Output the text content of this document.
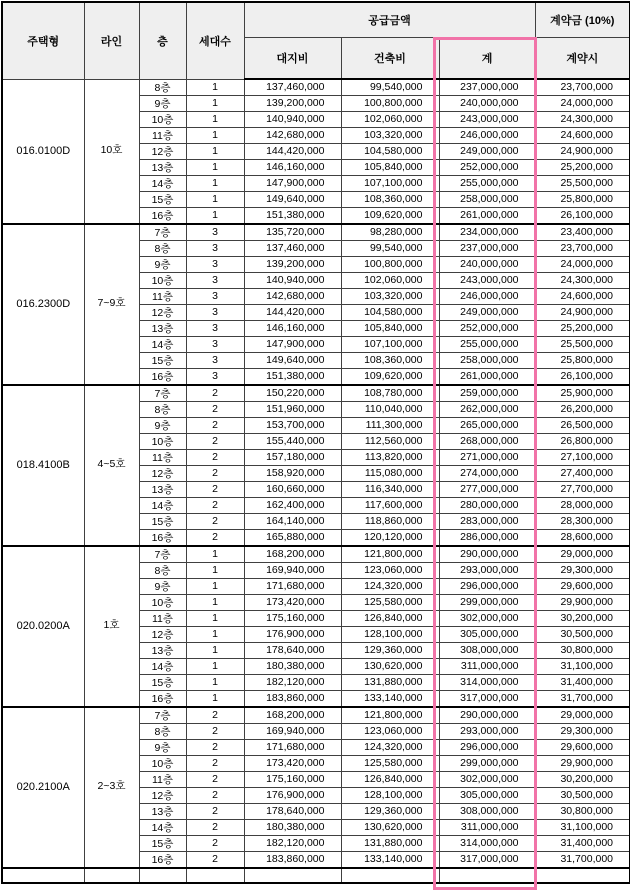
주택형	라인	층	세대수	공급금액			계약금 (10%)
				대지비	건축비	계	계약시
016.0100D	10호	8층	1	137,460,000	99,540,000	237,000,000	23,700,000
		9층	1	139,200,000	100,800,000	240,000,000	24,000,000
		10층	1	140,940,000	102,060,000	243,000,000	24,300,000
		11층	1	142,680,000	103,320,000	246,000,000	24,600,000
		12층	1	144,420,000	104,580,000	249,000,000	24,900,000
		13층	1	146,160,000	105,840,000	252,000,000	25,200,000
		14층	1	147,900,000	107,100,000	255,000,000	25,500,000
		15층	1	149,640,000	108,360,000	258,000,000	25,800,000
		16층	1	151,380,000	109,620,000	261,000,000	26,100,000
016.2300D	7~9호	7층	3	135,720,000	98,280,000	234,000,000	23,400,000
		8층	3	137,460,000	99,540,000	237,000,000	23,700,000
		9층	3	139,200,000	100,800,000	240,000,000	24,000,000
		10층	3	140,940,000	102,060,000	243,000,000	24,300,000
		11층	3	142,680,000	103,320,000	246,000,000	24,600,000
		12층	3	144,420,000	104,580,000	249,000,000	24,900,000
		13층	3	146,160,000	105,840,000	252,000,000	25,200,000
		14층	3	147,900,000	107,100,000	255,000,000	25,500,000
		15층	3	149,640,000	108,360,000	258,000,000	25,800,000
		16층	3	151,380,000	109,620,000	261,000,000	26,100,000
018.4100B	4~5호	7층	2	150,220,000	108,780,000	259,000,000	25,900,000
		8층	2	151,960,000	110,040,000	262,000,000	26,200,000
		9층	2	153,700,000	111,300,000	265,000,000	26,500,000
		10층	2	155,440,000	112,560,000	268,000,000	26,800,000
		11층	2	157,180,000	113,820,000	271,000,000	27,100,000
		12층	2	158,920,000	115,080,000	274,000,000	27,400,000
		13층	2	160,660,000	116,340,000	277,000,000	27,700,000
		14층	2	162,400,000	117,600,000	280,000,000	28,000,000
		15층	2	164,140,000	118,860,000	283,000,000	28,300,000
		16층	2	165,880,000	120,120,000	286,000,000	28,600,000
020.0200A	1호	7층	1	168,200,000	121,800,000	290,000,000	29,000,000
		8층	1	169,940,000	123,060,000	293,000,000	29,300,000
		9층	1	171,680,000	124,320,000	296,000,000	29,600,000
		10층	1	173,420,000	125,580,000	299,000,000	29,900,000
		11층	1	175,160,000	126,840,000	302,000,000	30,200,000
		12층	1	176,900,000	128,100,000	305,000,000	30,500,000
		13층	1	178,640,000	129,360,000	308,000,000	30,800,000
		14층	1	180,380,000	130,620,000	311,000,000	31,100,000
		15층	1	182,120,000	131,880,000	314,000,000	31,400,000
		16층	1	183,860,000	133,140,000	317,000,000	31,700,000
020.2100A	2~3호	7층	2	168,200,000	121,800,000	290,000,000	29,000,000
		8층	2	169,940,000	123,060,000	293,000,000	29,300,000
		9층	2	171,680,000	124,320,000	296,000,000	29,600,000
		10층	2	173,420,000	125,580,000	299,000,000	29,900,000
		11층	2	175,160,000	126,840,000	302,000,000	30,200,000
		12층	2	176,900,000	128,100,000	305,000,000	30,500,000
		13층	2	178,640,000	129,360,000	308,000,000	30,800,000
		14층	2	180,380,000	130,620,000	311,000,000	31,100,000
		15층	2	182,120,000	131,880,000	314,000,000	31,400,000
		16층	2	183,860,000	133,140,000	317,000,000	31,700,000
